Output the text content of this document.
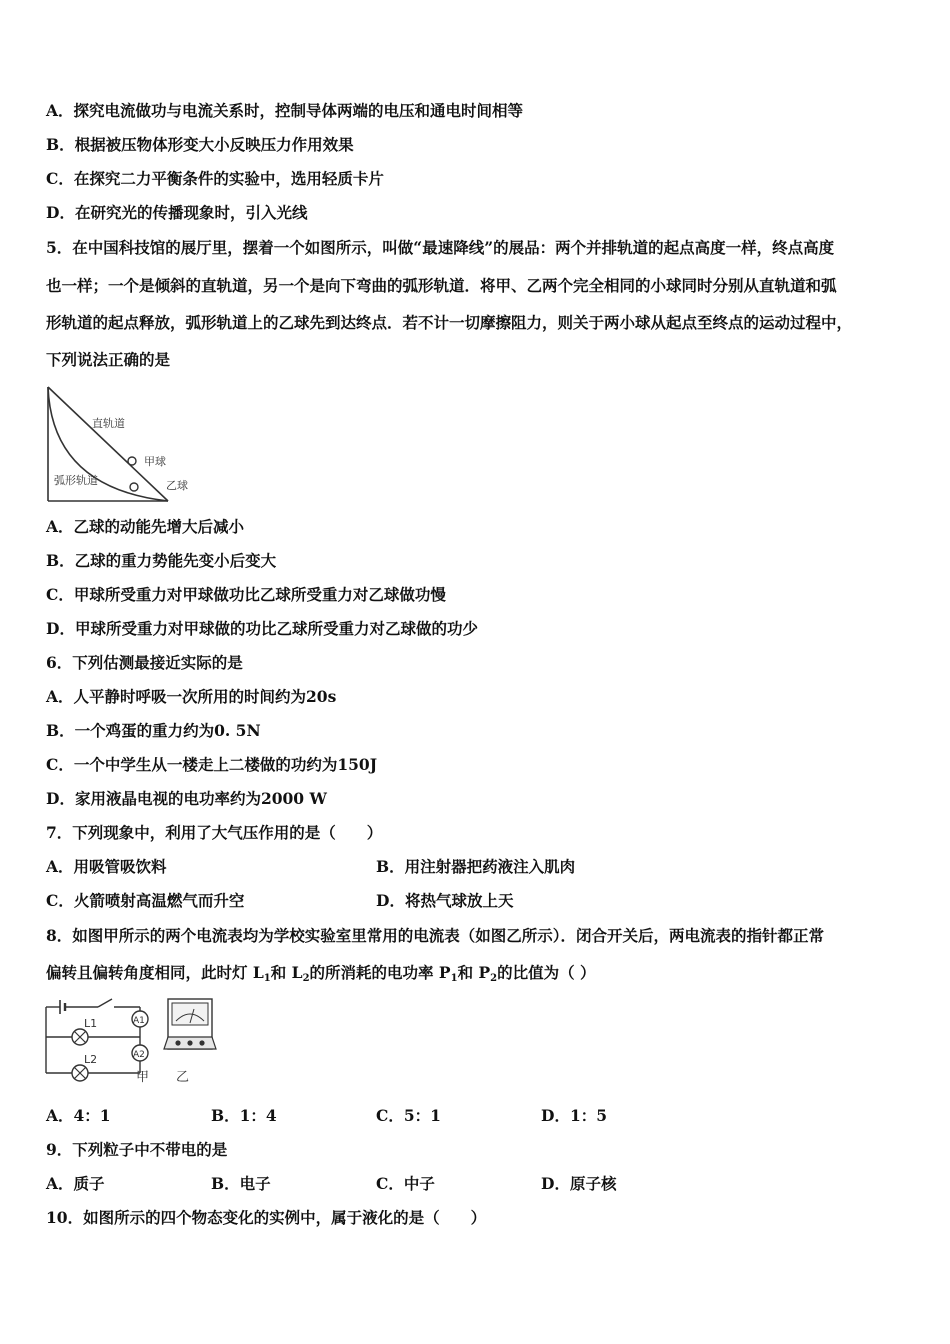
A．探究电流做功与电流关系时，控制导体两端的电压和通电时间相等
B．根据被压物体形变大小反映压力作用效果
C．在探究二力平衡条件的实验中，选用轻质卡片
D．在研究光的传播现象时，引入光线
5．在中国科技馆的展厅里，摆着一个如图所示，叫做“最速降线”的展品：两个并排轨道的起点高度一样，终点高度
也一样；一个是倾斜的直轨道，另一个是向下弯曲的弧形轨道．将甲、乙两个完全相同的小球同时分别从直轨道和弧
形轨道的起点释放，弧形轨道上的乙球先到达终点．若不计一切摩擦阻力，则关于两小球从起点至终点的运动过程中，
下列说法正确的是
直轨道
甲球
弧形轨道	乙球
A．乙球的动能先增大后减小
B．乙球的重力势能先变小后变大
C．甲球所受重力对甲球做功比乙球所受重力对乙球做功慢
D．甲球所受重力对甲球做的功比乙球所受重力对乙球做的功少
6．下列估测最接近实际的是
A．人平静时呼吸一次所用的时间约为20s
B．一个鸡蛋的重力约为0. 5N
C．一个中学生从一楼走上二楼做的功约为150J
D．家用液晶电视的电功率约为2000 W
7．下列现象中，利用了大气压作用的是（　　）
A．用吸管吸饮料	B．用注射器把药液注入肌肉
C．火箭喷射高温燃气而升空	D．将热气球放上天
8．如图甲所示的两个电流表均为学校实验室里常用的电流表（如图乙所示）．闭合开关后，两电流表的指针都正常
偏转且偏转角度相同，此时灯 $L_1$和 $L_2$的所消耗的电功率 $P_1$和 $P_2$的比值为（ ）
L1	A1
A2
L2
甲 乙
A．4：1	B．1：4	C．5：1	D．1：5
9．下列粒子中不带电的是
A．质子	B．电子	C．中子	D．原子核
10．如图所示的四个物态变化的实例中，属于液化的是（　　）
